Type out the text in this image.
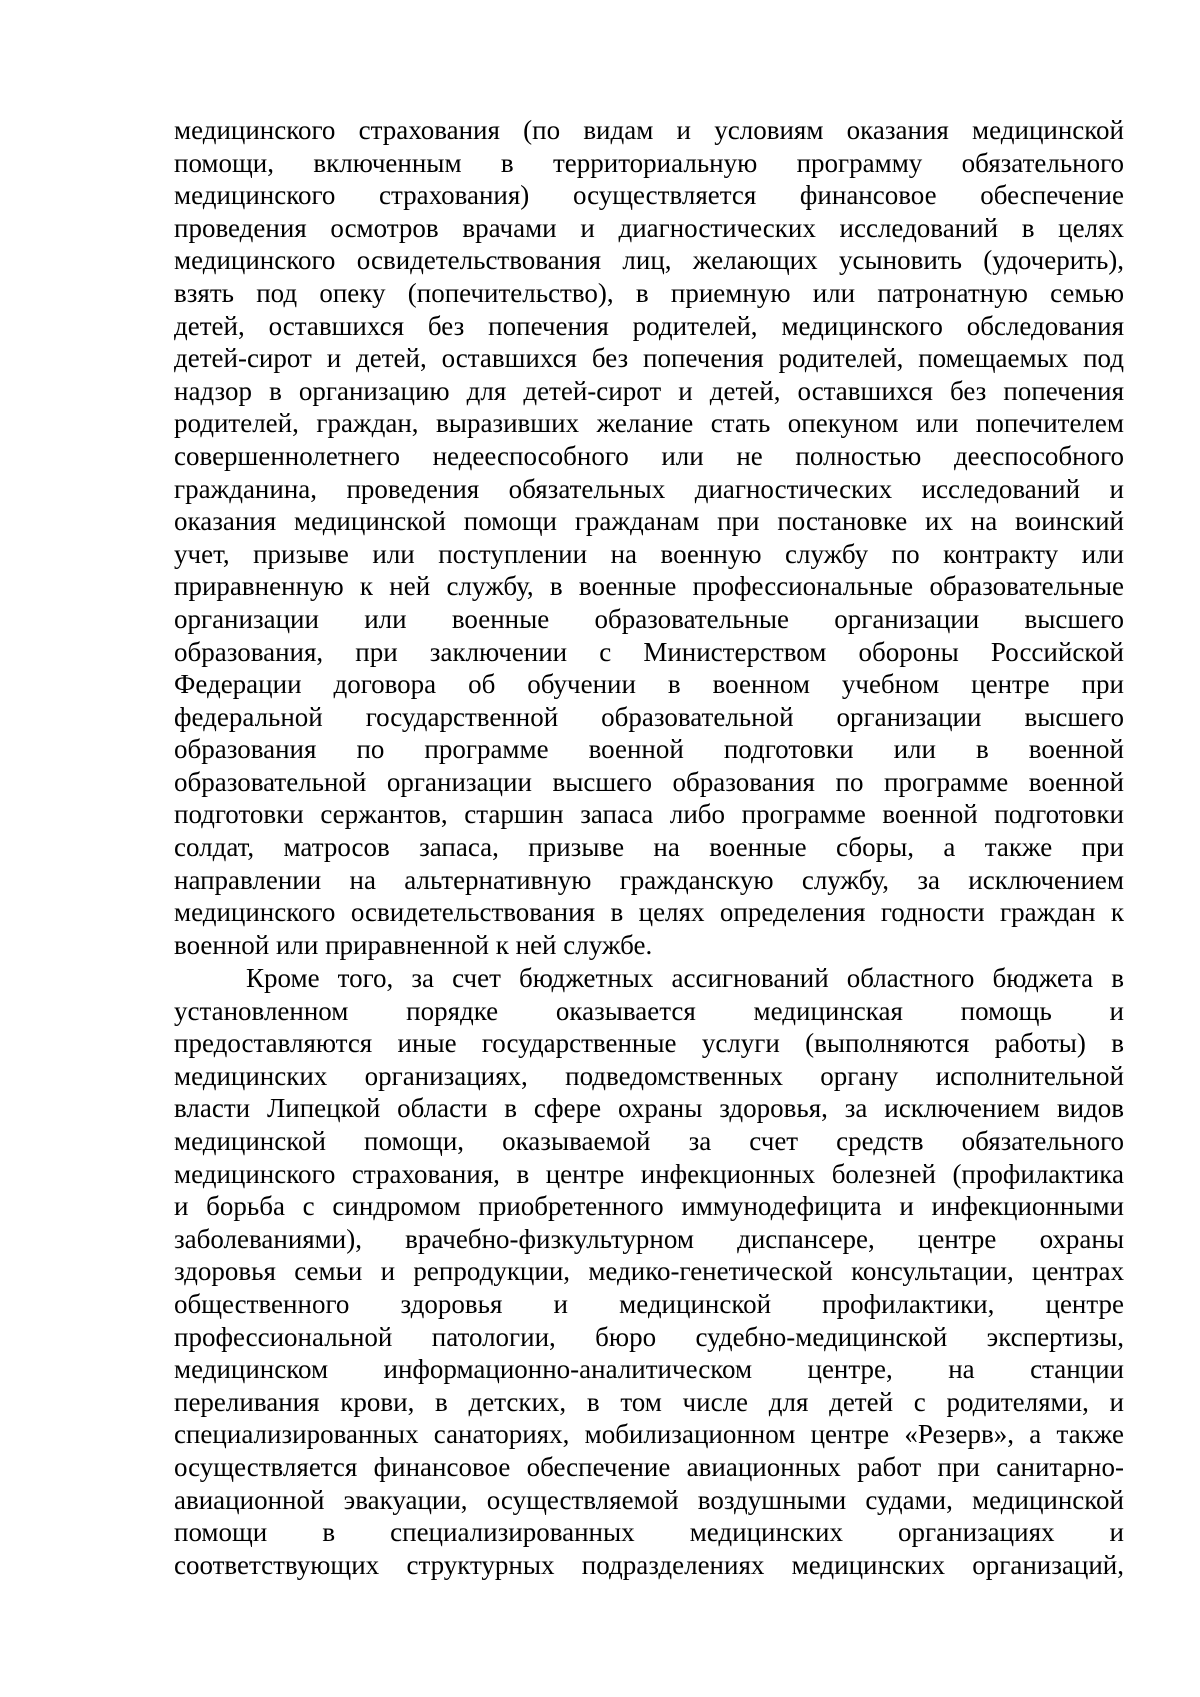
медицинского страхования (по видам и условиям оказания медицинской
помощи, включенным в территориальную программу обязательного
медицинского страхования) осуществляется финансовое обеспечение
проведения осмотров врачами и диагностических исследований в целях
медицинского освидетельствования лиц, желающих усыновить (удочерить),
взять под опеку (попечительство), в приемную или патронатную семью
детей, оставшихся без попечения родителей, медицинского обследования
детей-сирот и детей, оставшихся без попечения родителей, помещаемых под
надзор в организацию для детей-сирот и детей, оставшихся без попечения
родителей, граждан, выразивших желание стать опекуном или попечителем
совершеннолетнего недееспособного или не полностью дееспособного
гражданина, проведения обязательных диагностических исследований и
оказания медицинской помощи гражданам при постановке их на воинский
учет, призыве или поступлении на военную службу по контракту или
приравненную к ней службу, в военные профессиональные образовательные
организации или военные образовательные организации высшего
образования, при заключении с Министерством обороны Российской
Федерации договора об обучении в военном учебном центре при
федеральной государственной образовательной организации высшего
образования по программе военной подготовки или в военной
образовательной организации высшего образования по программе военной
подготовки сержантов, старшин запаса либо программе военной подготовки
солдат, матросов запаса, призыве на военные сборы, а также при
направлении на альтернативную гражданскую службу, за исключением
медицинского освидетельствования в целях определения годности граждан к
военной или приравненной к ней службе.
Кроме того, за счет бюджетных ассигнований областного бюджета в
установленном порядке оказывается медицинская помощь и
предоставляются иные государственные услуги (выполняются работы) в
медицинских организациях, подведомственных органу исполнительной
власти Липецкой области в сфере охраны здоровья, за исключением видов
медицинской помощи, оказываемой за счет средств обязательного
медицинского страхования, в центре инфекционных болезней (профилактика
и борьба с синдромом приобретенного иммунодефицита и инфекционными
заболеваниями), врачебно-физкультурном диспансере, центре охраны
здоровья семьи и репродукции, медико-генетической консультации, центрах
общественного здоровья и медицинской профилактики, центре
профессиональной патологии, бюро судебно-медицинской экспертизы,
медицинском информационно-аналитическом центре, на станции
переливания крови, в детских, в том числе для детей с родителями, и
специализированных санаториях, мобилизационном центре «Резерв», а также
осуществляется финансовое обеспечение авиационных работ при санитарно-
авиационной эвакуации, осуществляемой воздушными судами, медицинской
помощи в специализированных медицинских организациях и
соответствующих структурных подразделениях медицинских организаций,
